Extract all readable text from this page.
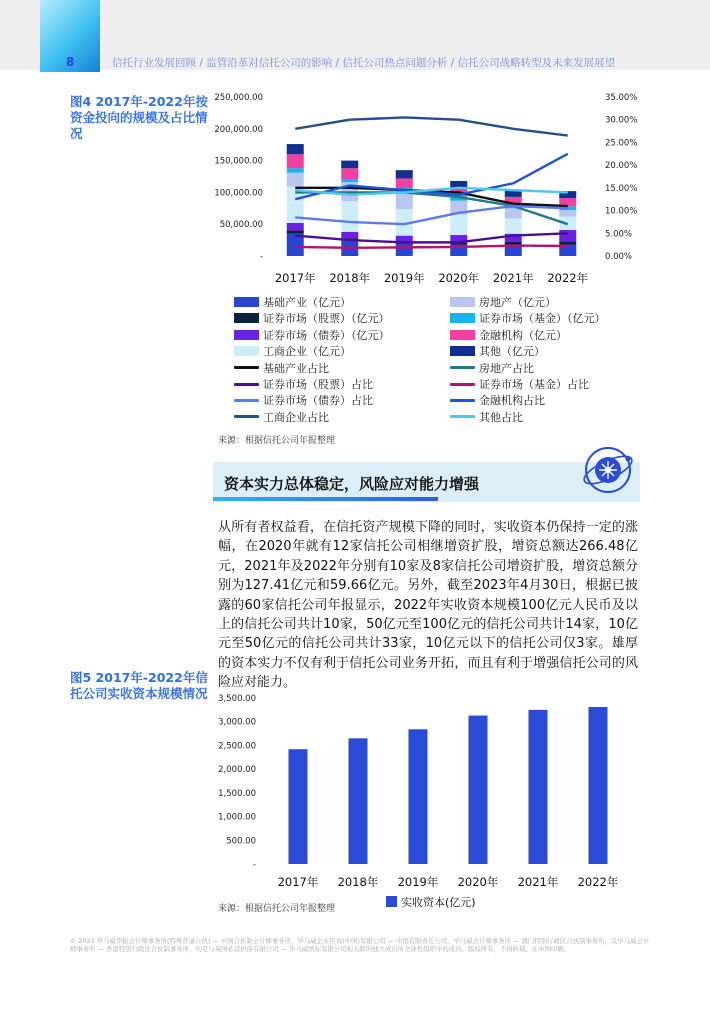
8	信托行业发展回顾 / 监管沿革对信托公司的影响 / 信托公司热点问题分析 / 信托公司战略转型及未来发展展望
图4 2017年-2022年按资金投向的规模及占比情况
-
50,000.00
100,000.00
150,000.00
200,000.00
250,000.00
0.00%
5.00%
10.00%
15.00%
20.00%
25.00%
30.00%
35.00%
2017年 2018年 2019年 2020年 2021年 2022年
基础产业（亿元）	房地产（亿元）
证券市场（股票）（亿元）	证券市场（基金）（亿元）
证券市场（债券）（亿元）	金融机构（亿元）
工商企业（亿元）	其他（亿元）
基础产业占比	房地产占比
证券市场（股票）占比	证券市场（基金）占比
证券市场（债券）占比	金融机构占比
工商企业占比	其他占比
来源：根据信托公司年报整理
资本实力总体稳定，风险应对能力增强
从所有者权益看，在信托资产规模下降的同时，实收资本仍保持一定的涨幅，在2020年就有12家信托公司相继增资扩股，增资总额达266.48亿元，2021年及2022年分别有10家及8家信托公司增资扩股，增资总额分别为127.41亿元和59.66亿元。另外，截至2023年4月30日，根据已披露的60家信托公司年报显示，2022年实收资本规模100亿元人民币及以上的信托公司共计10家，50亿元至100亿元的信托公司共计14家，10亿元至50亿元的信托公司共计33家，10亿元以下的信托公司仅3家。雄厚的资本实力不仅有利于信托公司业务开拓，而且有利于增强信托公司的风险应对能力。
图5 2017年-2022年信托公司实收资本规模情况
-
500.00
1,000.00
1,500.00
2,000.00
2,500.00
3,000.00
3,500.00
2017年 2018年 2019年 2020年 2021年 2022年
实收资本(亿元)
来源：根据信托公司年报整理
© 2023 毕马威华振会计师事务所(特殊普通合伙) — 中国合伙制会计师事务所，毕马威企业咨询(中国)有限公司 — 中国有限责任公司，毕马威会计师事务所 — 澳门特别行政区合伙制事务所，及毕马威会计师事务所 — 香港特别行政区合伙制事务所，均是与英国私营担保有限公司 — 毕马威国际有限公司相关联的独立成员所全球性组织中的成员。版权所有，不得转载。在中国印刷。
